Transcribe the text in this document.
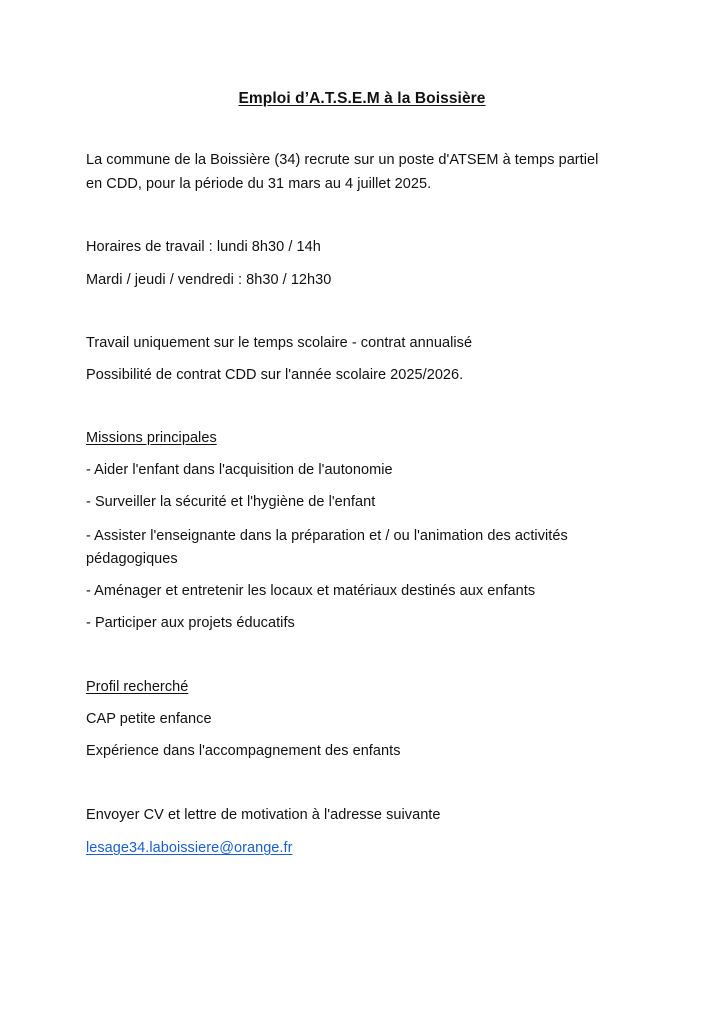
Emploi d’A.T.S.E.M à la Boissière
La commune de la Boissière (34) recrute sur un poste d'ATSEM à temps partiel
en CDD, pour la période du 31 mars au 4 juillet 2025.
Horaires de travail : lundi 8h30 / 14h
Mardi / jeudi / vendredi : 8h30 / 12h30
Travail uniquement sur le temps scolaire - contrat annualisé
Possibilité de contrat CDD sur l'année scolaire 2025/2026.
Missions principales
- Aider l'enfant dans l'acquisition de l'autonomie
- Surveiller la sécurité et l'hygiène de l'enfant
- Assister l'enseignante dans la préparation et / ou l'animation des activités
pédagogiques
- Aménager et entretenir les locaux et matériaux destinés aux enfants
- Participer aux projets éducatifs
Profil recherché
CAP petite enfance
Expérience dans l'accompagnement des enfants
Envoyer CV et lettre de motivation à l'adresse suivante
lesage34.laboissiere@orange.fr
